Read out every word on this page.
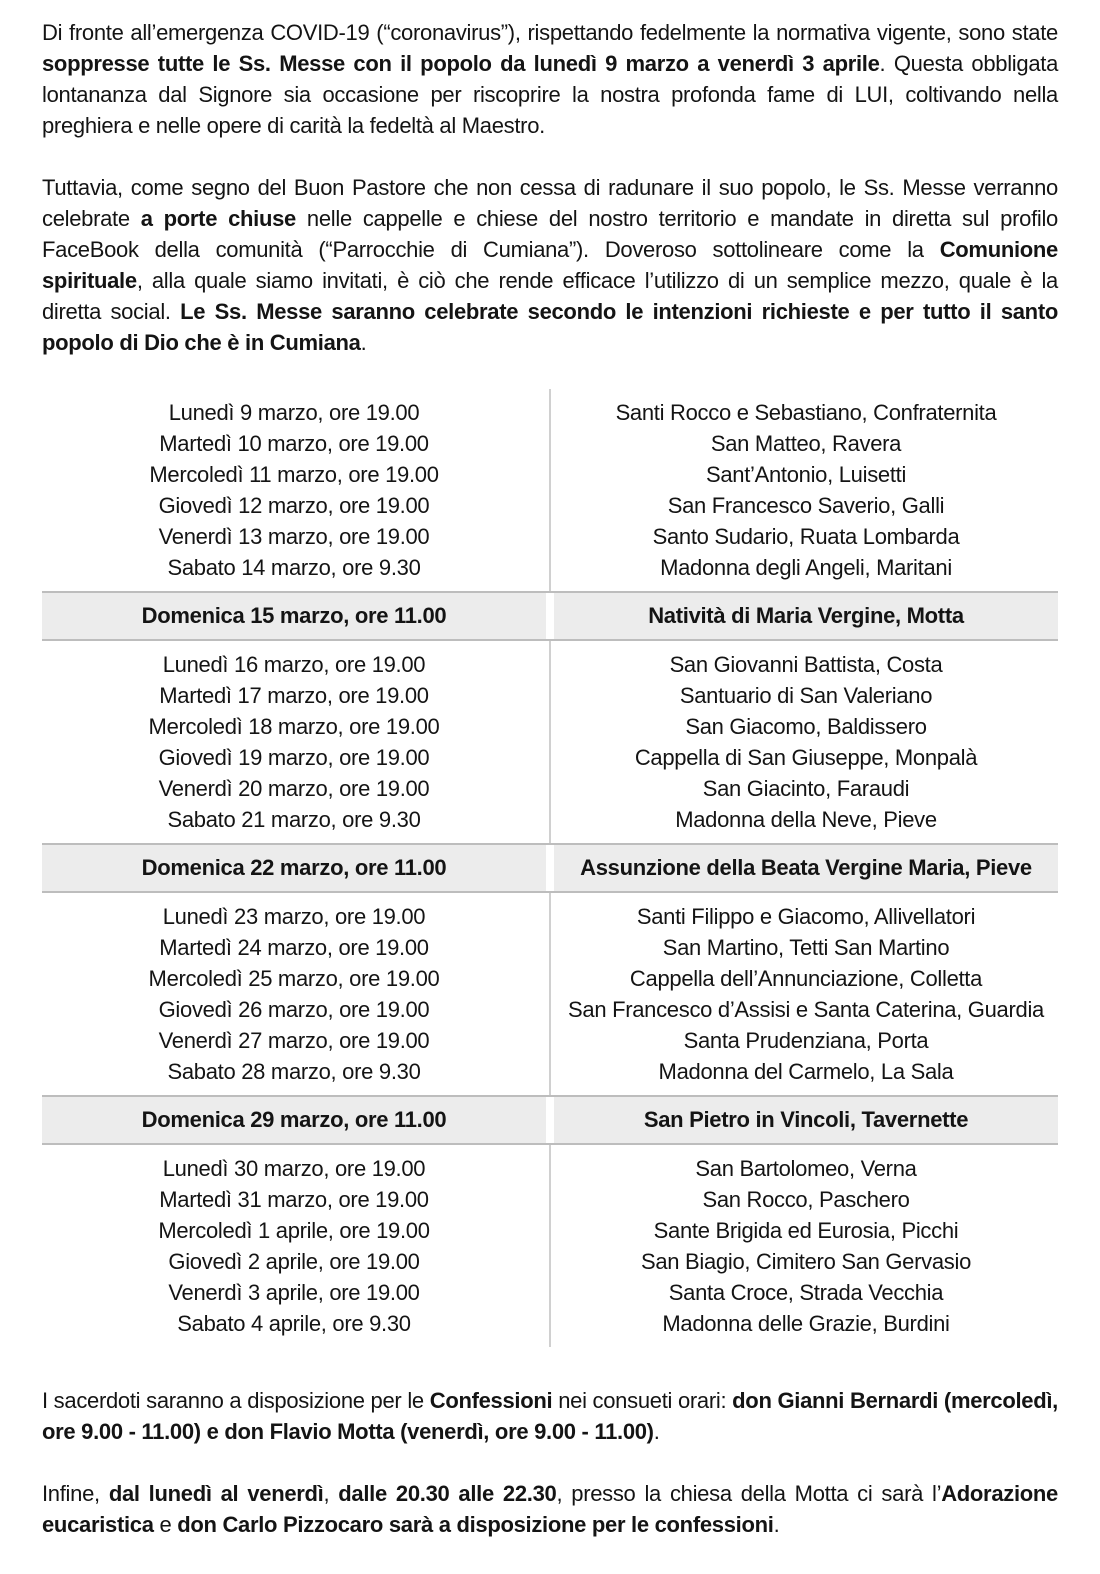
Di fronte all’emergenza COVID-19 (“coronavirus”), rispettando fedelmente la normativa vigente, sono state soppresse tutte le Ss. Messe con il popolo da lunedì 9 marzo a venerdì 3 aprile. Questa obbligata lontananza dal Signore sia occasione per riscoprire la nostra profonda fame di LUI, coltivando nella preghiera e nelle opere di carità la fedeltà al Maestro.

Tuttavia, come segno del Buon Pastore che non cessa di radunare il suo popolo, le Ss. Messe verranno celebrate a porte chiuse nelle cappelle e chiese del nostro territorio e mandate in diretta sul profilo FaceBook della comunità (“Parrocchie di Cumiana”). Doveroso sottolineare come la Comunione spirituale, alla quale siamo invitati, è ciò che rende efficace l’utilizzo di un semplice mezzo, quale è la diretta social. Le Ss. Messe saranno celebrate secondo le intenzioni richieste e per tutto il santo popolo di Dio che è in Cumiana.

Lunedì 9 marzo, ore 19.00	Santi Rocco e Sebastiano, Confraternita
Martedì 10 marzo, ore 19.00	San Matteo, Ravera
Mercoledì 11 marzo, ore 19.00	Sant’Antonio, Luisetti
Giovedì 12 marzo, ore 19.00	San Francesco Saverio, Galli
Venerdì 13 marzo, ore 19.00	Santo Sudario, Ruata Lombarda
Sabato 14 marzo, ore 9.30	Madonna degli Angeli, Maritani
Domenica 15 marzo, ore 11.00	Natività di Maria Vergine, Motta
Lunedì 16 marzo, ore 19.00	San Giovanni Battista, Costa
Martedì 17 marzo, ore 19.00	Santuario di San Valeriano
Mercoledì 18 marzo, ore 19.00	San Giacomo, Baldissero
Giovedì 19 marzo, ore 19.00	Cappella di San Giuseppe, Monpalà
Venerdì 20 marzo, ore 19.00	San Giacinto, Faraudi
Sabato 21 marzo, ore 9.30	Madonna della Neve, Pieve
Domenica 22 marzo, ore 11.00	Assunzione della Beata Vergine Maria, Pieve
Lunedì 23 marzo, ore 19.00	Santi Filippo e Giacomo, Allivellatori
Martedì 24 marzo, ore 19.00	San Martino, Tetti San Martino
Mercoledì 25 marzo, ore 19.00	Cappella dell’Annunciazione, Colletta
Giovedì 26 marzo, ore 19.00	San Francesco d’Assisi e Santa Caterina, Guardia
Venerdì 27 marzo, ore 19.00	Santa Prudenziana, Porta
Sabato 28 marzo, ore 9.30	Madonna del Carmelo, La Sala
Domenica 29 marzo, ore 11.00	San Pietro in Vincoli, Tavernette
Lunedì 30 marzo, ore 19.00	San Bartolomeo, Verna
Martedì 31 marzo, ore 19.00	San Rocco, Paschero
Mercoledì 1 aprile, ore 19.00	Sante Brigida ed Eurosia, Picchi
Giovedì 2 aprile, ore 19.00	San Biagio, Cimitero San Gervasio
Venerdì 3 aprile, ore 19.00	Santa Croce, Strada Vecchia
Sabato 4 aprile, ore 9.30	Madonna delle Grazie, Burdini

I sacerdoti saranno a disposizione per le Confessioni nei consueti orari: don Gianni Bernardi (mercoledì, ore 9.00 - 11.00) e don Flavio Motta (venerdì, ore 9.00 - 11.00).

Infine, dal lunedì al venerdì, dalle 20.30 alle 22.30, presso la chiesa della Motta ci sarà l’Adorazione eucaristica e don Carlo Pizzocaro sarà a disposizione per le confessioni.
